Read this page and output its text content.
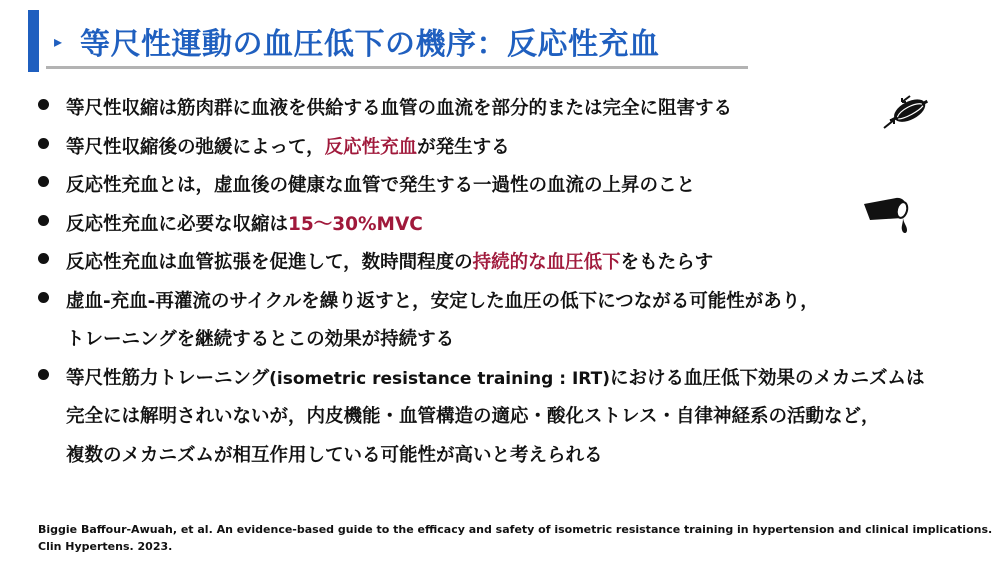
▸ 等尺性運動の血圧低下の機序：反応性充血
等尺性収縮は筋肉群に血液を供給する血管の血流を部分的または完全に阻害する
等尺性収縮後の弛緩によって，反応性充血が発生する
反応性充血とは，虚血後の健康な血管で発生する一過性の血流の上昇のこと
反応性充血に必要な収縮は15～30%MVC
反応性充血は血管拡張を促進して，数時間程度の持続的な血圧低下をもたらす
虚血-充血-再灌流のサイクルを繰り返すと，安定した血圧の低下につながる可能性があり，
トレーニングを継続するとこの効果が持続する
等尺性筋力トレーニング(isometric resistance training : IRT)における血圧低下効果のメカニズムは
完全には解明されいないが，内皮機能・血管構造の適応・酸化ストレス・自律神経系の活動など，
複数のメカニズムが相互作用している可能性が高いと考えられる
Biggie Baffour-Awuah, et al. An evidence-based guide to the efficacy and safety of isometric resistance training in hypertension and clinical implications.
Clin Hypertens. 2023.
